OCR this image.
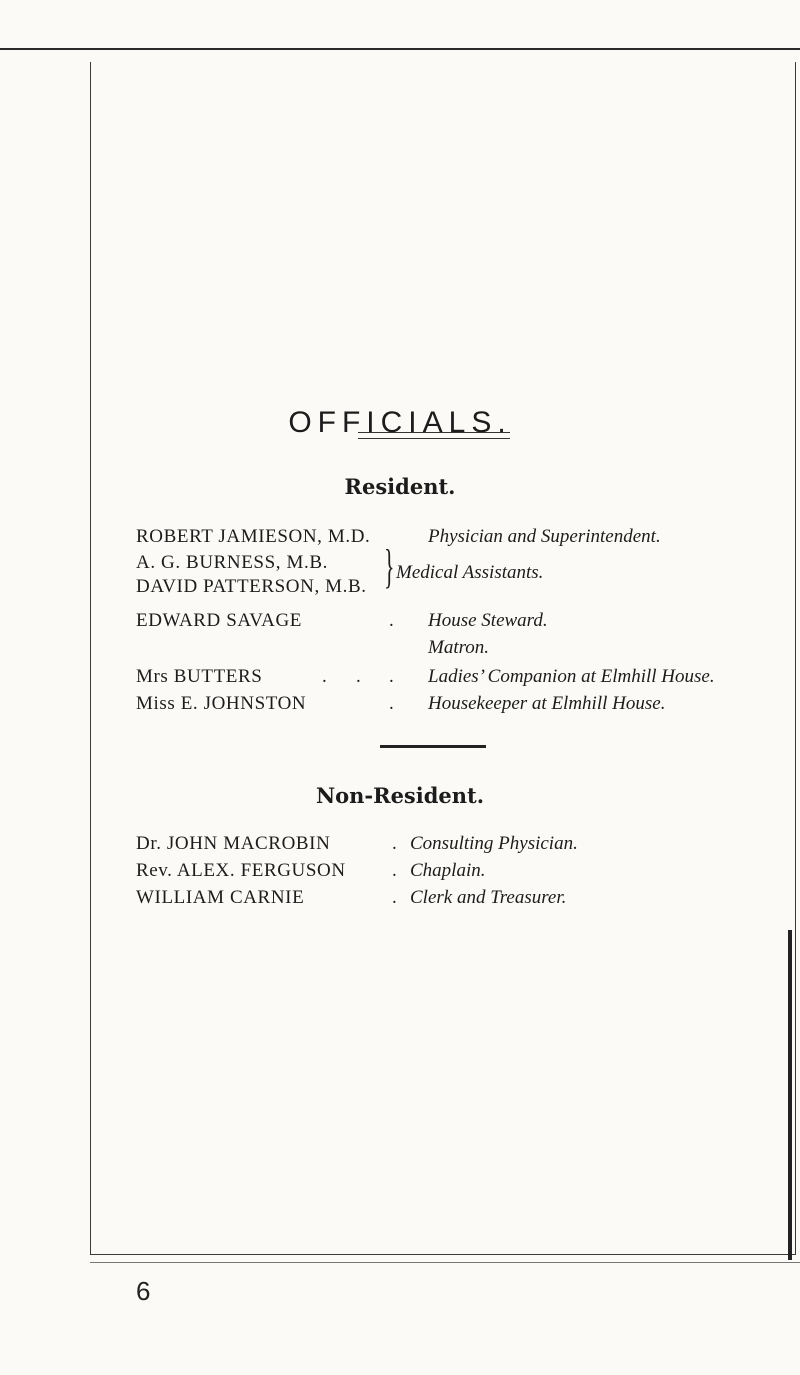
OFFICIALS.
Resident.
ROBERT JAMIESON, M.D.	Physician and Superintendent.
A. G. BURNESS, M.B.
DAVID PATTERSON, M.B. } Medical Assistants.
EDWARD SAVAGE	. House Steward.
Matron.
Mrs BUTTERS	. . . Ladies’ Companion at Elmhill House.
Miss E. JOHNSTON	. Housekeeper at Elmhill House.
Non-Resident.
Dr. JOHN MACROBIN	. Consulting Physician.
Rev. ALEX. FERGUSON . Chaplain.
WILLIAM CARNIE	. Clerk and Treasurer.
6
